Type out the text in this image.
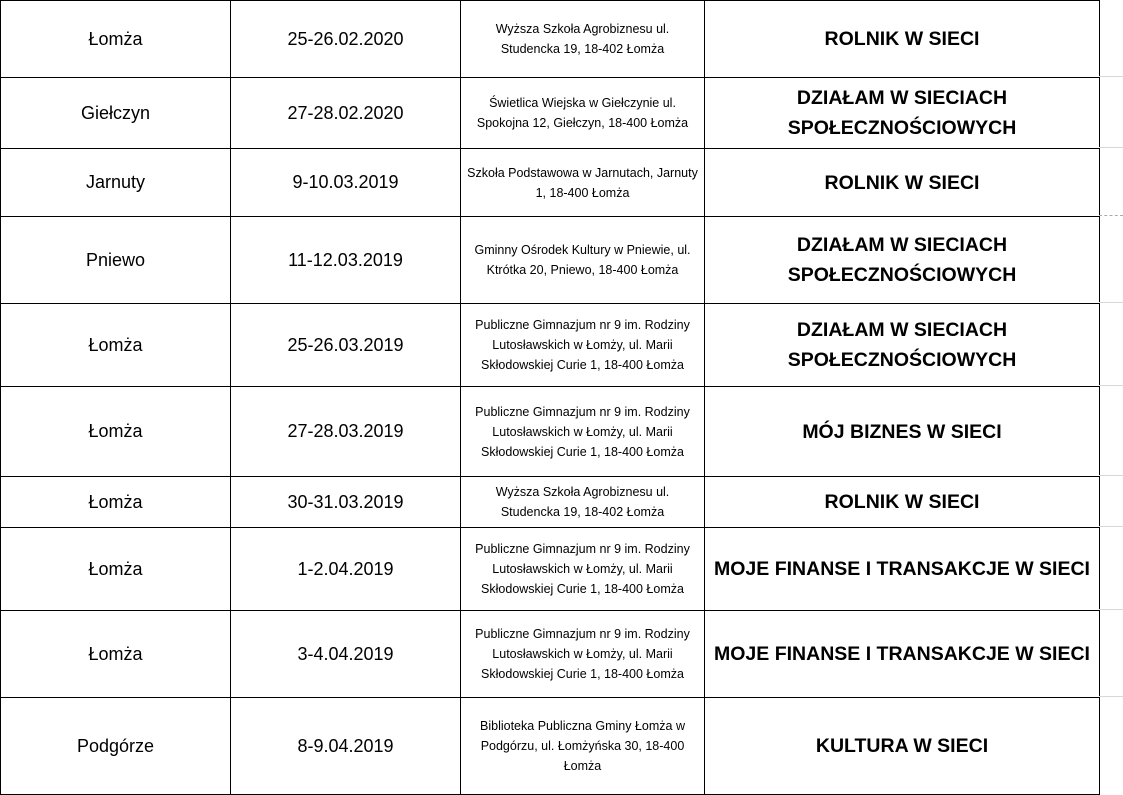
Łomża	25-26.02.2020	Wyższa Szkoła Agrobiznesu ul. Studencka 19, 18-402 Łomża	ROLNIK W SIECI
Giełczyn	27-28.02.2020	Świetlica Wiejska w Giełczynie ul. Spokojna 12, Giełczyn, 18-400 Łomża	DZIAŁAM W SIECIACH SPOŁECZNOŚCIOWYCH
Jarnuty	9-10.03.2019	Szkoła Podstawowa w Jarnutach, Jarnuty 1, 18-400 Łomża	ROLNIK W SIECI
Pniewo	11-12.03.2019	Gminny Ośrodek Kultury w Pniewie, ul. Ktrótka 20, Pniewo, 18-400 Łomża	DZIAŁAM W SIECIACH SPOŁECZNOŚCIOWYCH
Łomża	25-26.03.2019	Publiczne Gimnazjum nr 9 im. Rodziny Lutosławskich w Łomży, ul. Marii Skłodowskiej Curie 1, 18-400 Łomża	DZIAŁAM W SIECIACH SPOŁECZNOŚCIOWYCH
Łomża	27-28.03.2019	Publiczne Gimnazjum nr 9 im. Rodziny Lutosławskich w Łomży, ul. Marii Skłodowskiej Curie 1, 18-400 Łomża	MÓJ BIZNES W SIECI
Łomża	30-31.03.2019	Wyższa Szkoła Agrobiznesu ul. Studencka 19, 18-402 Łomża	ROLNIK W SIECI
Łomża	1-2.04.2019	Publiczne Gimnazjum nr 9 im. Rodziny Lutosławskich w Łomży, ul. Marii Skłodowskiej Curie 1, 18-400 Łomża	MOJE FINANSE I TRANSAKCJE W SIECI
Łomża	3-4.04.2019	Publiczne Gimnazjum nr 9 im. Rodziny Lutosławskich w Łomży, ul. Marii Skłodowskiej Curie 1, 18-400 Łomża	MOJE FINANSE I TRANSAKCJE W SIECI
Podgórze	8-9.04.2019	Biblioteka Publiczna Gminy Łomża w Podgórzu, ul. Łomżyńska 30, 18-400 Łomża	KULTURA W SIECI
